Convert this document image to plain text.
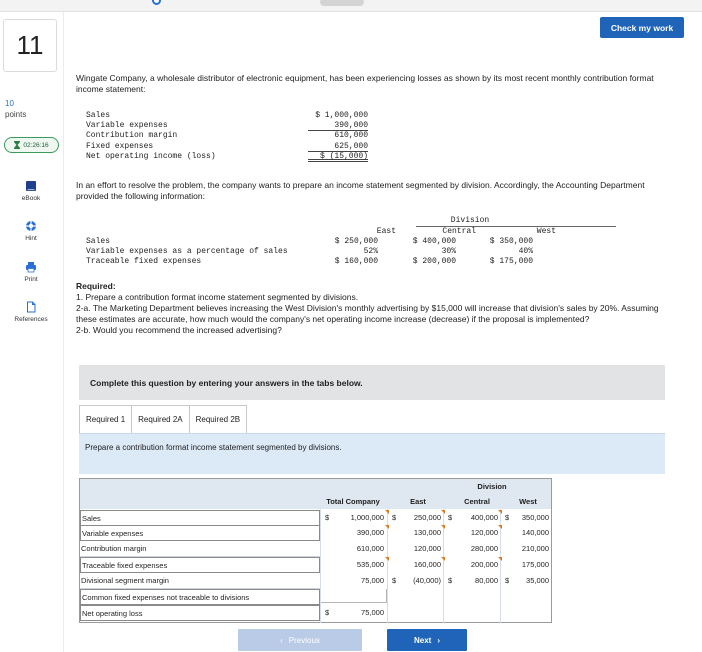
Check my work
11
10
points
02:26:16
eBook
Hint
Print
References

Wingate Company, a wholesale distributor of electronic equipment, has been experiencing losses as shown by its most recent monthly contribution format income statement:

Sales	$ 1,000,000
Variable expenses	390,000
Contribution margin	610,000
Fixed expenses	625,000
Net operating income (loss)	$ (15,000)

In an effort to resolve the problem, the company wants to prepare an income statement segmented by division. Accordingly, the Accounting Department provided the following information:

Division
East	Central	West
Sales	$ 250,000	$ 400,000	$ 350,000
Variable expenses as a percentage of sales	52%	30%	40%
Traceable fixed expenses	$ 160,000	$ 200,000	$ 175,000
Required:
1. Prepare a contribution format income statement segmented by divisions.
2-a. The Marketing Department believes increasing the West Division's monthly advertising by $15,000 will increase that division's sales by 20%. Assuming these estimates are accurate, how much would the company's net operating income increase (decrease) if the proposal is implemented?
2-b. Would you recommend the increased advertising?
Complete this question by entering your answers in the tabs below.
Required 1	Required 2A	Required 2B
Prepare a contribution format income statement segmented by divisions.
Division
Total Company	East	Central	West
Sales	$	1,000,000 $	250,000 $	400,000 $	350,000
Variable expenses	390,000	130,000	120,000	140,000
Contribution margin	610,000	120,000	280,000	210,000
Traceable fixed expenses	535,000	160,000	200,000	175,000
Divisional segment margin	75,000 $	(40,000) $	80,000 $	35,000
Common fixed expenses not traceable to divisions
Net operating loss	$	75,000
‹ Previous	Next ›
